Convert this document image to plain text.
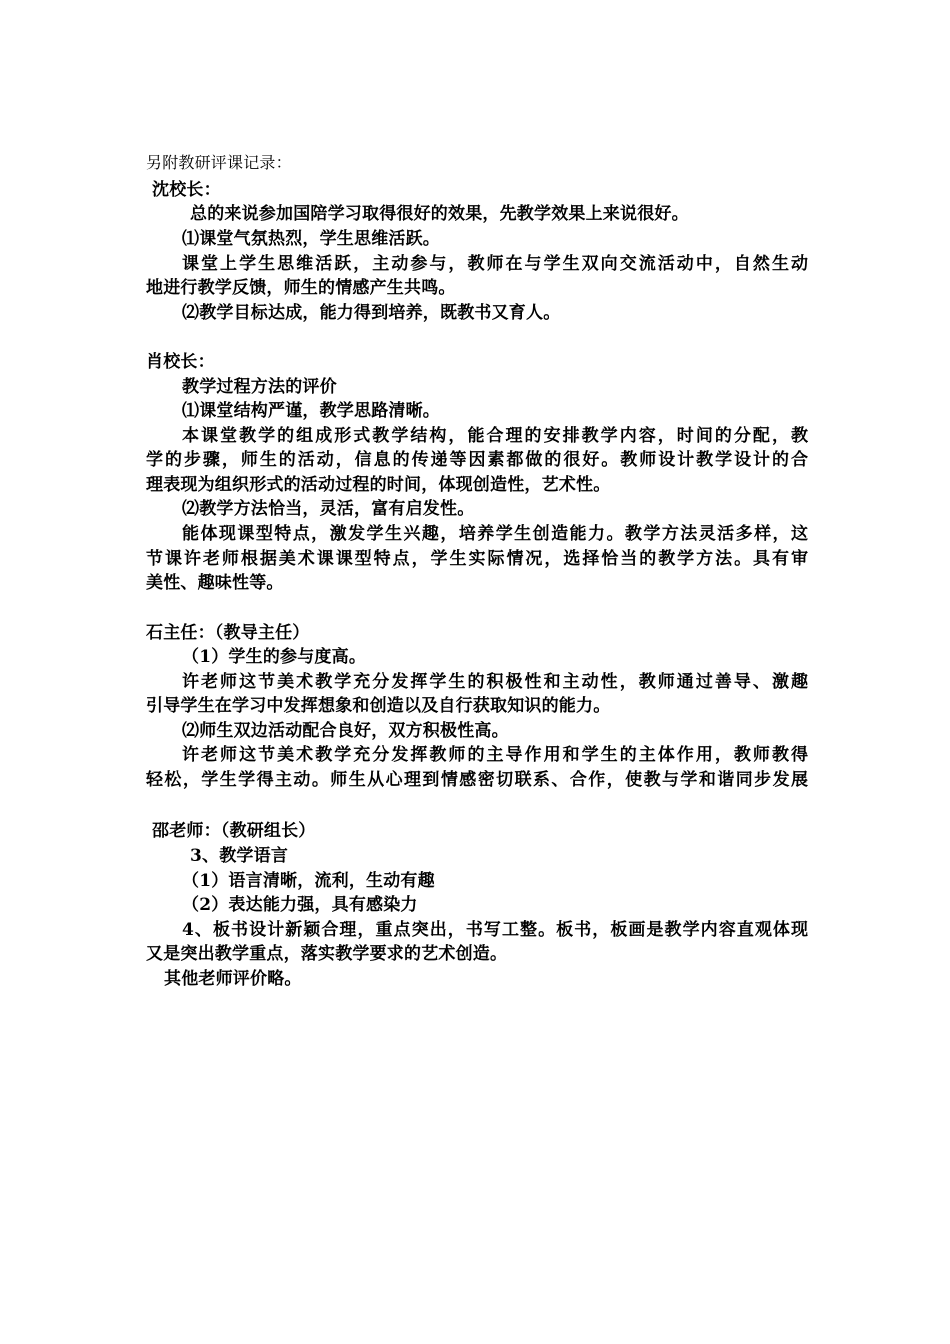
另附教研评课记录：
沈校长：
总的来说参加国陪学习取得很好的效果，先教学效果上来说很好。
⑴课堂气氛热烈，学生思维活跃。
课堂上学生思维活跃，主动参与，教师在与学生双向交流活动中，自然生动
地进行教学反馈，师生的情感产生共鸣。
⑵教学目标达成，能力得到培养，既教书又育人。
肖校长：
教学过程方法的评价
⑴课堂结构严谨，教学思路清晰。
本课堂教学的组成形式教学结构，能合理的安排教学内容，时间的分配，教
学的步骤，师生的活动，信息的传递等因素都做的很好。教师设计教学设计的合
理表现为组织形式的活动过程的时间，体现创造性，艺术性。
⑵教学方法恰当，灵活，富有启发性。
能体现课型特点，激发学生兴趣，培养学生创造能力。教学方法灵活多样，这
节课许老师根据美术课课型特点，学生实际情况，选择恰当的教学方法。具有审
美性、趣味性等。
石主任：（教导主任）
（1）学生的参与度高。
许老师这节美术教学充分发挥学生的积极性和主动性，教师通过善导、激趣
引导学生在学习中发挥想象和创造以及自行获取知识的能力。
⑵师生双边活动配合良好，双方积极性高。
许老师这节美术教学充分发挥教师的主导作用和学生的主体作用，教师教得
轻松，学生学得主动。师生从心理到情感密切联系、合作，使教与学和谐同步发展
邵老师：（教研组长）
3、教学语言
（1）语言清晰，流利，生动有趣
（2）表达能力强，具有感染力
4、板书设计新颖合理，重点突出，书写工整。板书，板画是教学内容直观体现
又是突出教学重点，落实教学要求的艺术创造。
其他老师评价略。
